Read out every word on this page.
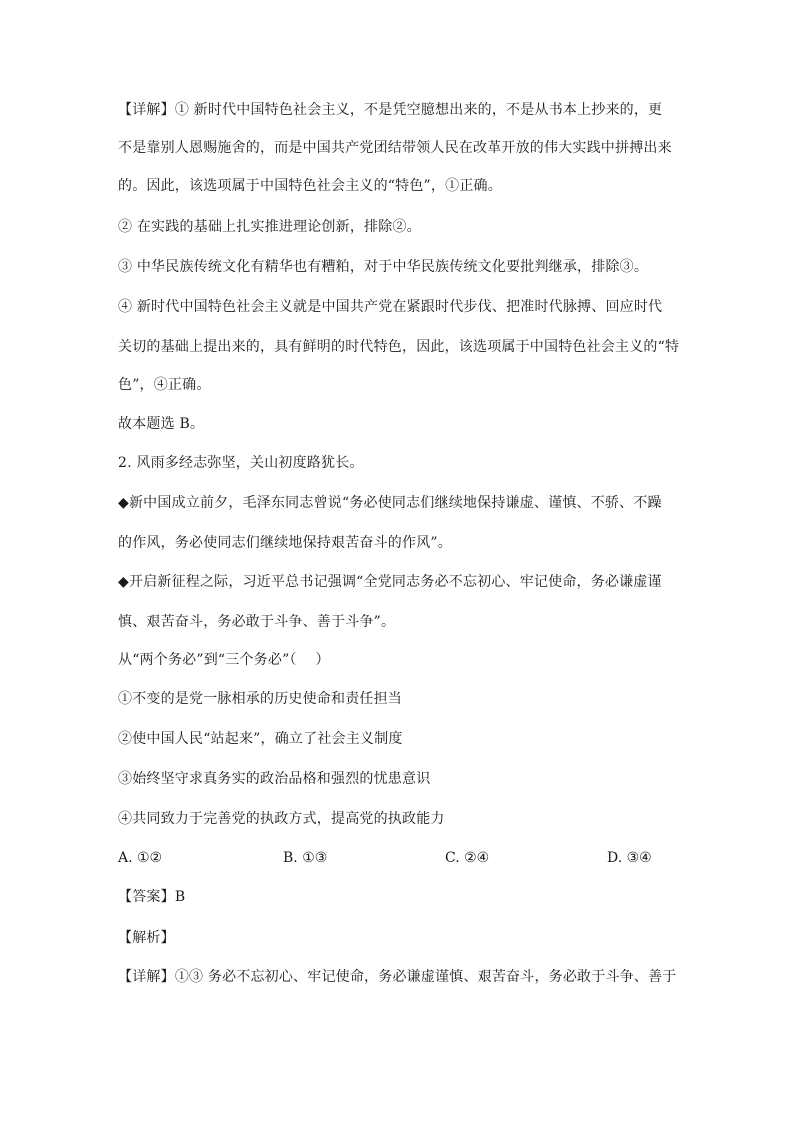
【详解】① 新时代中国特色社会主义，不是凭空臆想出来的，不是从书本上抄来的，更
不是靠别人恩赐施舍的，而是中国共产党团结带领人民在改革开放的伟大实践中拼搏出来
的。因此，该选项属于中国特色社会主义的“特色”，①正确。
② 在实践的基础上扎实推进理论创新，排除②。
③ 中华民族传统文化有精华也有糟粕，对于中华民族传统文化要批判继承，排除③。
④ 新时代中国特色社会主义就是中国共产党在紧跟时代步伐、把准时代脉搏、回应时代
关切的基础上提出来的，具有鲜明的时代特色，因此，该选项属于中国特色社会主义的“特
色”，④正确。
故本题选 B。
2. 风雨多经志弥坚，关山初度路犹长。
◆新中国成立前夕，毛泽东同志曾说“务必使同志们继续地保持谦虚、谨慎、不骄、不躁
的作风，务必使同志们继续地保持艰苦奋斗的作风”。
◆开启新征程之际，习近平总书记强调“全党同志务必不忘初心、牢记使命，务必谦虚谨
慎、艰苦奋斗，务必敢于斗争、善于斗争”。
从“两个务必”到“三个务必”（　 ）
①不变的是党一脉相承的历史使命和责任担当
②使中国人民“站起来”，确立了社会主义制度
③始终坚守求真务实的政治品格和强烈的忧患意识
④共同致力于完善党的执政方式，提高党的执政能力
A. ①②	B. ①③	C. ②④	D. ③④
【答案】B
【解析】
【详解】①③ 务必不忘初心、牢记使命，务必谦虚谨慎、艰苦奋斗，务必敢于斗争、善于
